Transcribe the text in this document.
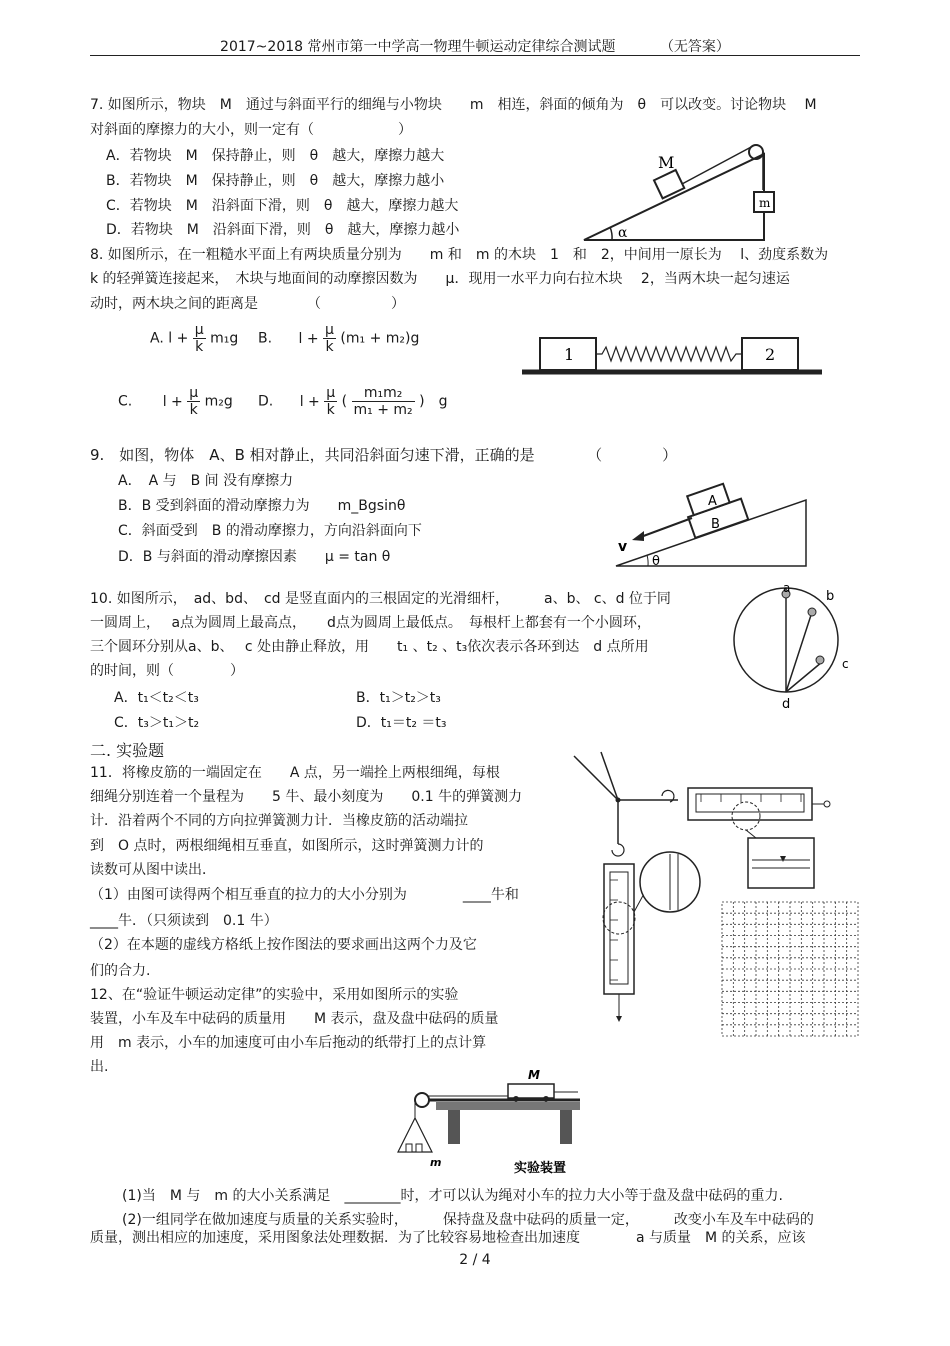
2017~2018 常州市第一中学高一物理牛顿运动定律综合测试题	（无答案）
7. 如图所示，物块　M　通过与斜面平行的细绳与小物块　　m　相连，斜面的倾角为　θ　可以改变。讨论物块　 M
对斜面的摩擦力的大小，则一定有（　　　　　　）
A．若物块　M　保持静止，则　θ　越大，摩擦力越大
B．若物块　M　保持静止，则　θ　越大，摩擦力越小
C．若物块　M　沿斜面下滑，则　θ　越大，摩擦力越大
D．若物块　M　沿斜面下滑，则　θ　越大，摩擦力越小
M
m
α
8. 如图所示，在一粗糙水平面上有两块质量分别为　　m 和　m 的木块　1　和　2，中间用一原长为　 l、劲度系数为
k 的轻弹簧连接起来，　木块与地面间的动摩擦因数为　　μ．现用一水平力向右拉木块　 2，当两木块一起匀速运
动时，两木块之间的距离是　　　　（　　　　　）
A. $l + \frac{\mu}{k} m_1g$ B. $l + \frac{\mu}{k} (m_1 + m_2)g$
C. $l + \frac{\mu}{k} m_2g$ D. $l + \frac{\mu}{k}$ ( $\frac{\text{m₁m₂}}{\text{m₁ + m₂}}$ )　g
1	2
9.　如图，物体　A、B 相对静止，共同沿斜面匀速下滑，正确的是　　　　（　　　　）
A．　A 与　B 间 没有摩擦力
B．B 受到斜面的滑动摩擦力为　　m_Bgsinθ
C．斜面受到　B 的滑动摩擦力，方向沿斜面向下
D．B 与斜面的滑动摩擦因素　　μ = tan θ
A
B
v
θ
10. 如图所示，　ad、bd、　cd 是竖直面内的三根固定的光滑细杆，　　　a、b、 c、d 位于同
一圆周上，　 a点为圆周上最高点，　　d点为圆周上最低点。　每根杆上都套有一个小圆环，
三个圆环分别从a、b、　 c 处由静止释放，用　　t₁ 、t₂ 、t₃依次表示各环到达　d 点所用
的时间，则（　　　　）
A．t₁＜t₂＜t₃	B．t₁＞t₂＞t₃
C．t₃＞t₁＞t₂	D．t₁＝t₂ ＝t₃
a
b
c
d
二. 实验题
11．将橡皮筋的一端固定在　　A 点，另一端拴上两根细绳，每根
细绳分别连着一个量程为　　5 牛、最小刻度为　　0.1 牛的弹簧测力
计．沿着两个不同的方向拉弹簧测力计．当橡皮筋的活动端拉
到　O 点时，两根细绳相互垂直，如图所示，这时弹簧测力计的
读数可从图中读出．
（1）由图可读得两个相互垂直的拉力的大小分别为　　　　____牛和
____牛．（只须读到　0.1 牛）
（2）在本题的虚线方格纸上按作图法的要求画出这两个力及它
们的合力.
12、在“验证牛顿运动定律”的实验中，采用如图所示的实验
装置，小车及车中砝码的质量用　　M 表示，盘及盘中砝码的质量
用　m 表示，小车的加速度可由小车后拖动的纸带打上的点计算
出.	M
m	实验装置
(1)当　M 与　m 的大小关系满足　________时，才可以认为绳对小车的拉力大小等于盘及盘中砝码的重力.
(2)一组同学在做加速度与质量的关系实验时，　　　保持盘及盘中砝码的质量一定，　　　改变小车及车中砝码的
质量，测出相应的加速度，采用图象法处理数据．为了比较容易地检查出加速度　　　　a 与质量　M 的关系，应该
2 / 4
